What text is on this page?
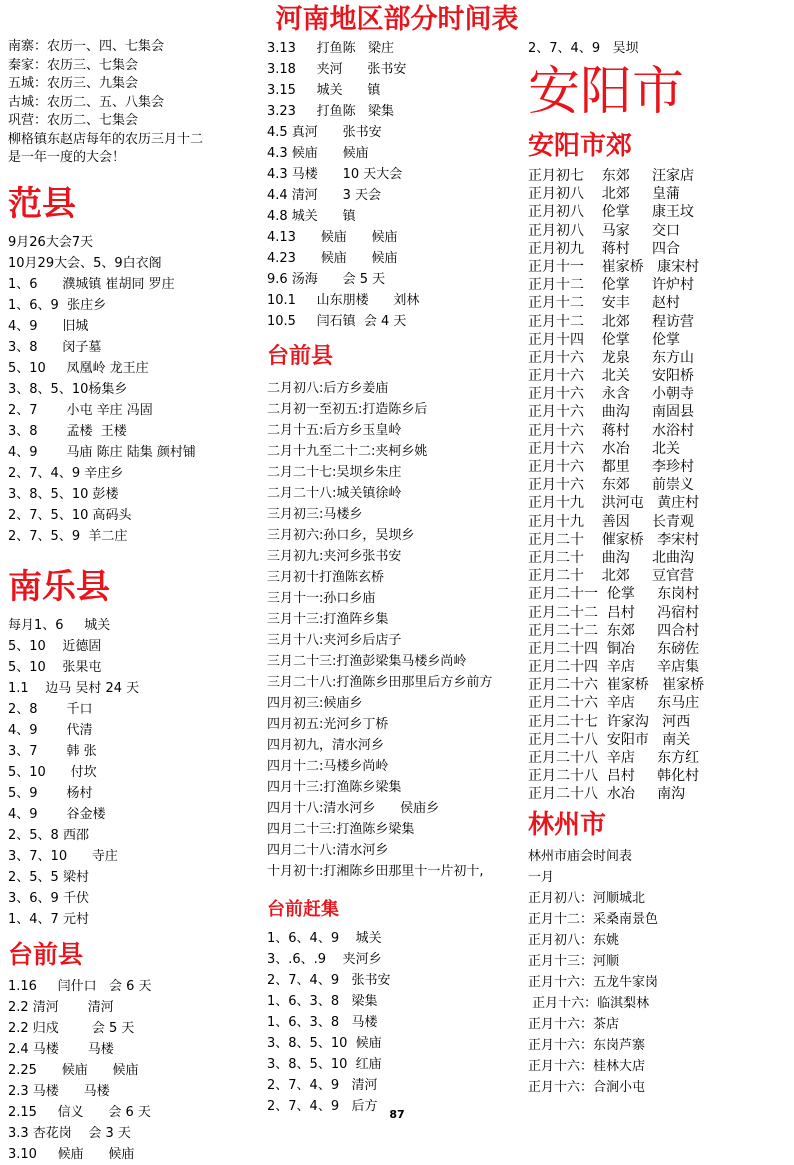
河南地区部分时间表
南寨：农历一、四、七集会
秦家：农历三、七集会
五城：农历三、九集会
古城：农历二、五、八集会
巩营：农历二、七集会
柳格镇东赵店每年的农历三月十二
是一年一度的大会！
范县
9月26大会7天
10月29大会、5、9白衣阁
1、6      濮城镇 崔胡同 罗庄
1、6、9  张庄乡
4、9      旧城
3、8      闵子墓
5、10     凤凰岭 龙王庄
3、8、5、10杨集乡
2、7       小屯 辛庄 冯固
3、8       孟楼  王楼
4、9       马庙 陈庄 陆集 颜村铺
2、7、4、9 辛庄乡
3、8、5、10 彭楼
2、7、5、10 高码头
2、7、5、9  羊二庄
南乐县
每月1、6     城关
5、10    近德固
5、10    张果屯
1.1    边马 吴村 24 天
2、8       千口
4、9       代清
3、7       韩 张
5、10      付坎
5、9       杨村
4、9       谷金楼
2、5、8 西邵
3、7、10      寺庄
2、5、5 梁村
3、6、9 千伏
1、4、7 元村
台前县
1.16     闫什口   会 6 天
2.2 清河       清河
2.2 归戍        会 5 天
2.4 马楼       马楼
2.25      候庙      候庙
2.3 马楼      马楼
2.15     信义      会 6 天
3.3 杏花岗    会 3 天
3.10     候庙      候庙
3.13     打鱼陈   梁庄
3.18     夹河      张书安
3.15     城关      镇
3.23     打鱼陈   梁集
4.5 真河      张书安
4.3 候庙      候庙
4.3 马楼      10 天大会
4.4 清河      3 天会
4.8 城关      镇
4.13      候庙      候庙
4.23      候庙      候庙
9.6 汤海      会 5 天
10.1     山东朋楼      刘林
10.5     闫石镇  会 4 天
台前县
二月初八:后方乡姜庙
二月初一至初五:打造陈乡后
二月十五:后方乡玉皇岭
二月十九至二十二:夹柯乡姚
二月二十七:吴坝乡朱庄
二月二十八:城关镇徐岭
三月初三:马楼乡
三月初六:孙口乡，吴坝乡
三月初九:夹河乡张书安
三月初十打渔陈玄桥
三月十一:孙口乡庙
三月十三:打渔阵乡集
三月十八:夹河乡后店子
三月二十三:打渔彭梁集马楼乡尚岭
三月二十八:打渔陈乡田那里后方乡前方
四月初三:候庙乡
四月初五:光河乡丁桥
四月初九，清水河乡
四月十二:马楼乡尚岭
四月十三:打渔陈乡梁集
四月十八:清水河乡      侯庙乡
四月二十三:打渔陈乡梁集
四月二十八:清水河乡
十月初十:打湘陈乡田那里十一片初十,
台前赶集
1、6、4、9    城关
3、.6、.9    夹河乡
2、7、4、9   张书安
1、6、3、8   梁集
1、6、3、8   马楼
3、8、5、10  候庙
3、8、5、10  红庙
2、7、4、9   清河
2、7、4、9   后方
2、7、4、9   吴坝
安阳市
安阳市郊
正月初七    东郊     汪家店
正月初八    北郊     皇蒲
正月初八    伦掌     康王坟
正月初八    马家     交口
正月初九    蒋村     四合
正月十一    崔家桥   康宋村
正月十二    伦掌     许炉村
正月十二    安丰     赵村
正月十二    北郊     程访营
正月十四    伦掌     伦掌
正月十六    龙泉     东方山
正月十六    北关     安阳桥
正月十六    永含     小朝寺
正月十六    曲沟     南固县
正月十六    蒋村     水浴村
正月十六    水冶     北关
正月十六    都里     李珍村
正月十六    东郊     前崇义
正月十九    洪河屯   黄庄村
正月十九    善因     长青观
正月二十    催家桥   李宋村
正月二十    曲沟     北曲沟
正月二十    北郊     豆官营
正月二十一  伦掌     东岗村
正月二十二  吕村     冯宿村
正月二十二  东郊     四合村
正月二十四  铜冶     东磅佐
正月二十四  辛店     辛店集
正月二十六  崔家桥   崔家桥
正月二十六  辛店     东马庄
正月二十七  许家沟   河西
正月二十八  安阳市   南关
正月二十八  辛店     东方红
正月二十八  吕村     韩化村
正月二十八  水冶     南沟
林州市
林州市庙会时间表
一月
正月初八：河顺城北
正月十二：采桑南景色
正月初八：东姚
正月十三：河顺
正月十六：五龙牛家岗
正月十六：临淇梨林
正月十六：茶店
正月十六：东岗芦寨
正月十六：桂林大店
正月十六：合涧小屯
87
